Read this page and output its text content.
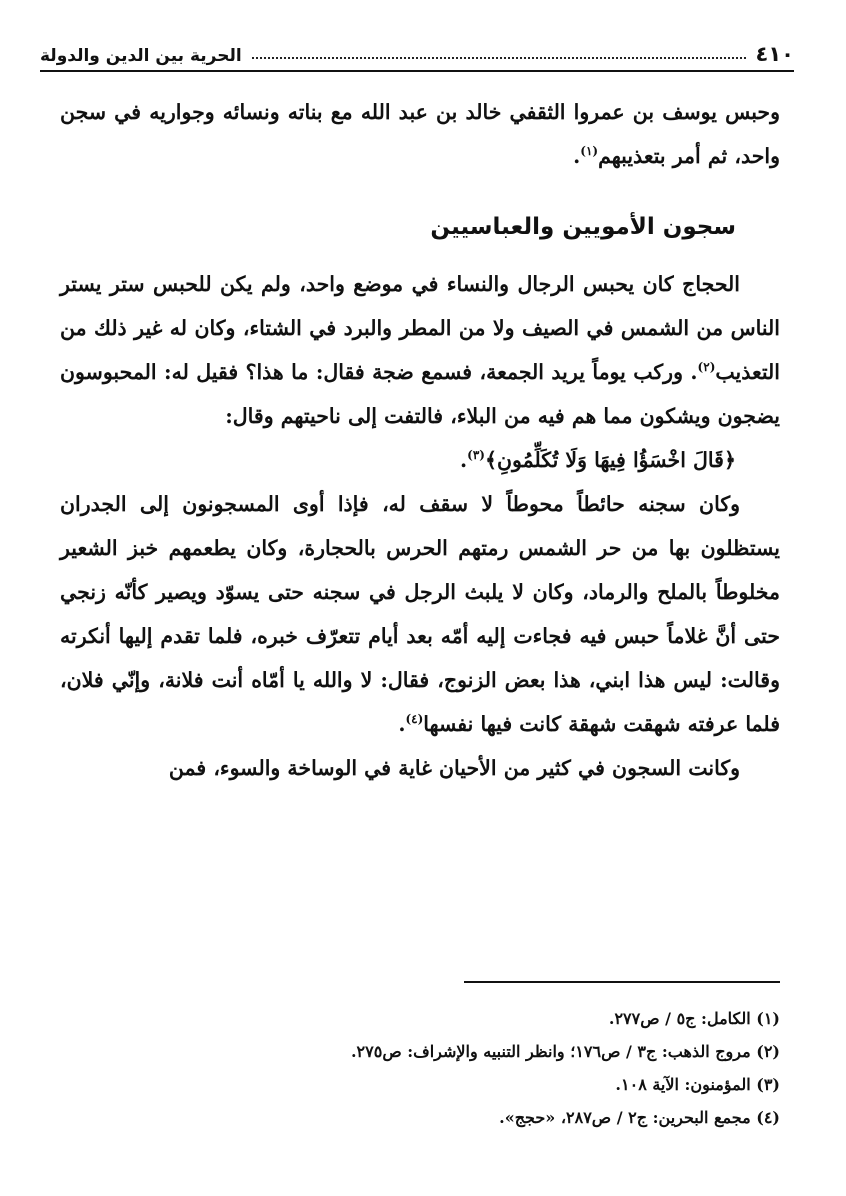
٤١٠
الحرية بين الدين والدولة

وحبس يوسف بن عمروا الثقفي خالد بن عبد الله مع بناته ونسائه وجواريه في سجن واحد، ثم أمر بتعذيبهم$^{(١)}$.

سجون الأمويين والعباسيين

الحجاج كان يحبس الرجال والنساء في موضع واحد، ولم يكن للحبس ستر يستر الناس من الشمس في الصيف ولا من المطر والبرد في الشتاء، وكان له غير ذلك من التعذيب$^{(٢)}$. وركب يوماً يريد الجمعة، فسمع ضجة فقال: ما هذا؟ فقيل له: المحبوسون يضجون ويشكون مما هم فيه من البلاء، فالتفت إلى ناحيتهم وقال:

﴿قَالَ اخْسَؤُا فِيهَا وَلَا تُكَلِّمُونِ﴾$^{(٣)}$.

وكان سجنه حائطاً محوطاً لا سقف له، فإذا أوى المسجونون إلى الجدران يستظلون بها من حر الشمس رمتهم الحرس بالحجارة، وكان يطعمهم خبز الشعير مخلوطاً بالملح والرماد، وكان لا يلبث الرجل في سجنه حتى يسوّد ويصير كأنّه زنجي حتى أنَّ غلاماً حبس فيه فجاءت إليه أمّه بعد أيام تتعرّف خبره، فلما تقدم إليها أنكرته وقالت: ليس هذا ابني، هذا بعض الزنوج، فقال: لا والله يا أمّاه أنت فلانة، وإنّي فلان، فلما عرفته شهقت شهقة كانت فيها نفسها$^{(٤)}$.

وكانت السجون في كثير من الأحيان غاية في الوساخة والسوء، فمن

(١) الكامل: ج٥ / ص٢٧٧.

(٢) مروج الذهب: ج٣ / ص١٧٦؛ وانظر التنبيه والإشراف: ص٢٧٥.

(٣) المؤمنون: الآية ١٠٨.

(٤) مجمع البحرين: ج٢ / ص٢٨٧، «حجج».
